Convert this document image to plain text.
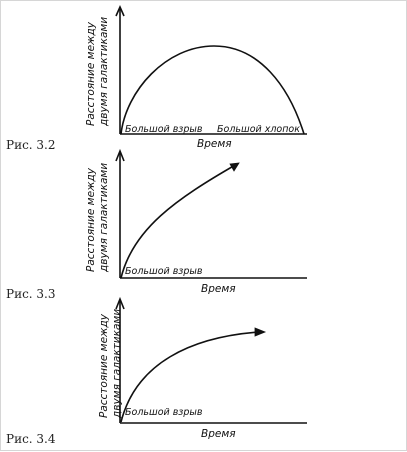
Расстояние между двумя галактиками
Большой взрыв Большой хлопок
Время
Расстояние между двумя галактиками Большой взрыв
Время
Расстояние между двумя галактиками Большой взрыв
Время
Рис. 3.2
Рис. 3.3
Рис. 3.4
